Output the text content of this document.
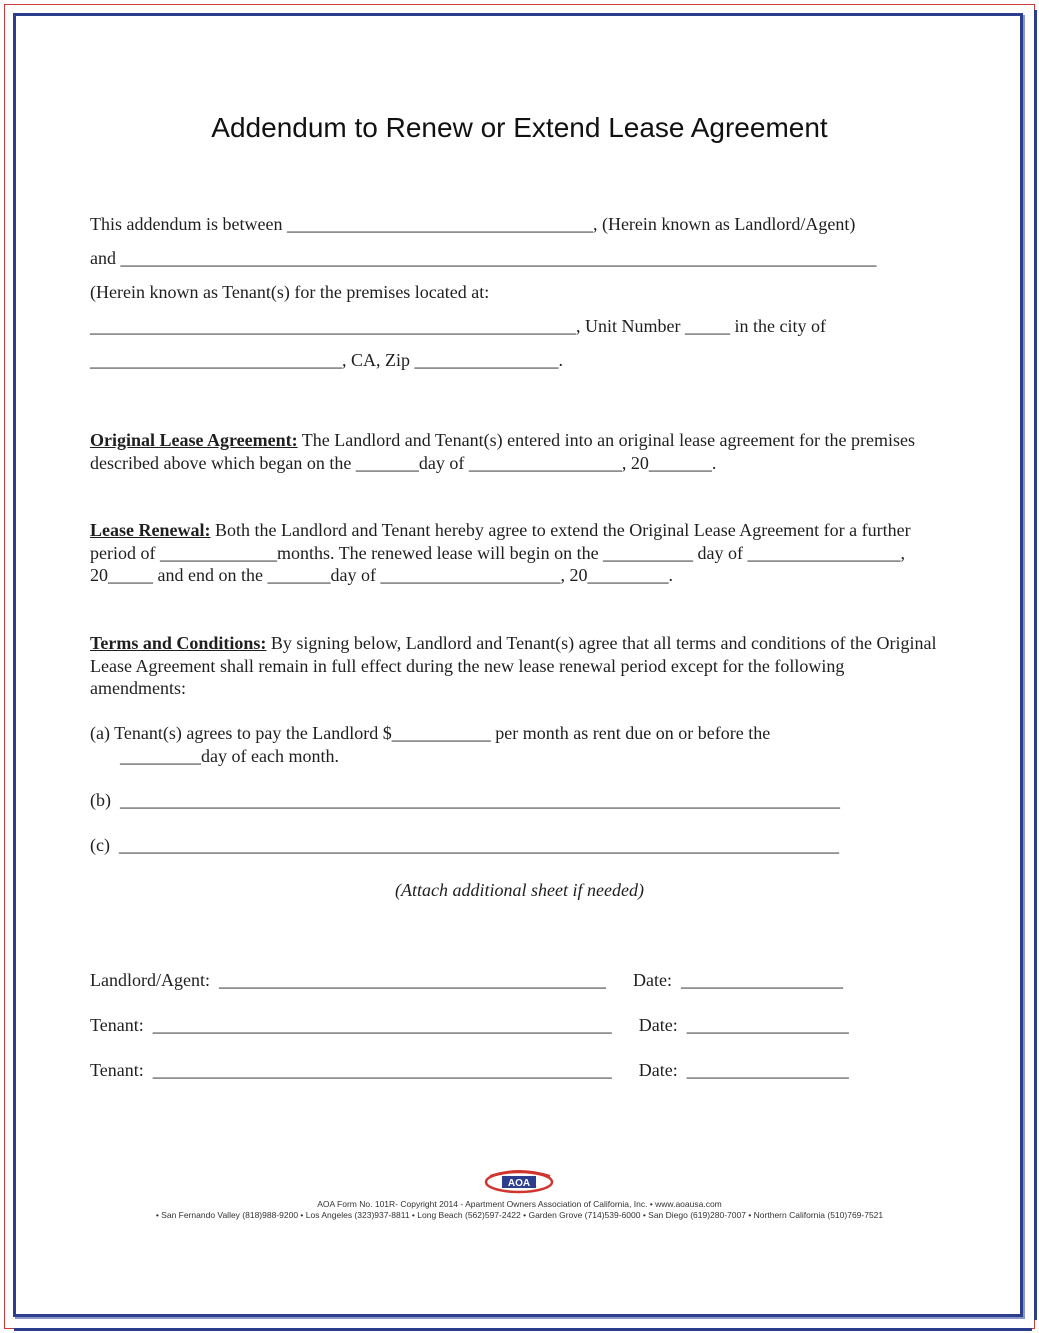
Addendum to Renew or Extend Lease Agreement
This addendum is between __________________________________, (Herein known as Landlord/Agent)
and ____________________________________________________________________________________
(Herein known as Tenant(s) for the premises located at:
______________________________________________________, Unit Number _____ in the city of
____________________________, CA, Zip ________________.
Original Lease Agreement: The Landlord and Tenant(s) entered into an original lease agreement for the premises described above which began on the _______day of _________________, 20_______.
Lease Renewal: Both the Landlord and Tenant hereby agree to extend the Original Lease Agreement for a further period of _____________months. The renewed lease will begin on the __________ day of _________________, 20_____ and end on the _______day of ____________________, 20_________.
Terms and Conditions: By signing below, Landlord and Tenant(s) agree that all terms and conditions of the Original Lease Agreement shall remain in full effect during the new lease renewal period except for the following amendments:
(a) Tenant(s) agrees to pay the Landlord $___________ per month as rent due on or before the
_________day of each month.
(b)  ________________________________________________________________________________
(c)  ________________________________________________________________________________
(Attach additional sheet if needed)
Landlord/Agent:  ___________________________________________      Date:  __________________
Tenant:  ___________________________________________________      Date:  __________________
Tenant:  ___________________________________________________      Date:  __________________
AOA
AOA Form No. 101R- Copyright 2014 - Apartment Owners Association of California, Inc. • www.aoausa.com
• San Fernando Valley (818)988-9200 • Los Angeles (323)937-8811 • Long Beach (562)597-2422 • Garden Grove (714)539-6000 • San Diego (619)280-7007 • Northern California (510)769-7521
